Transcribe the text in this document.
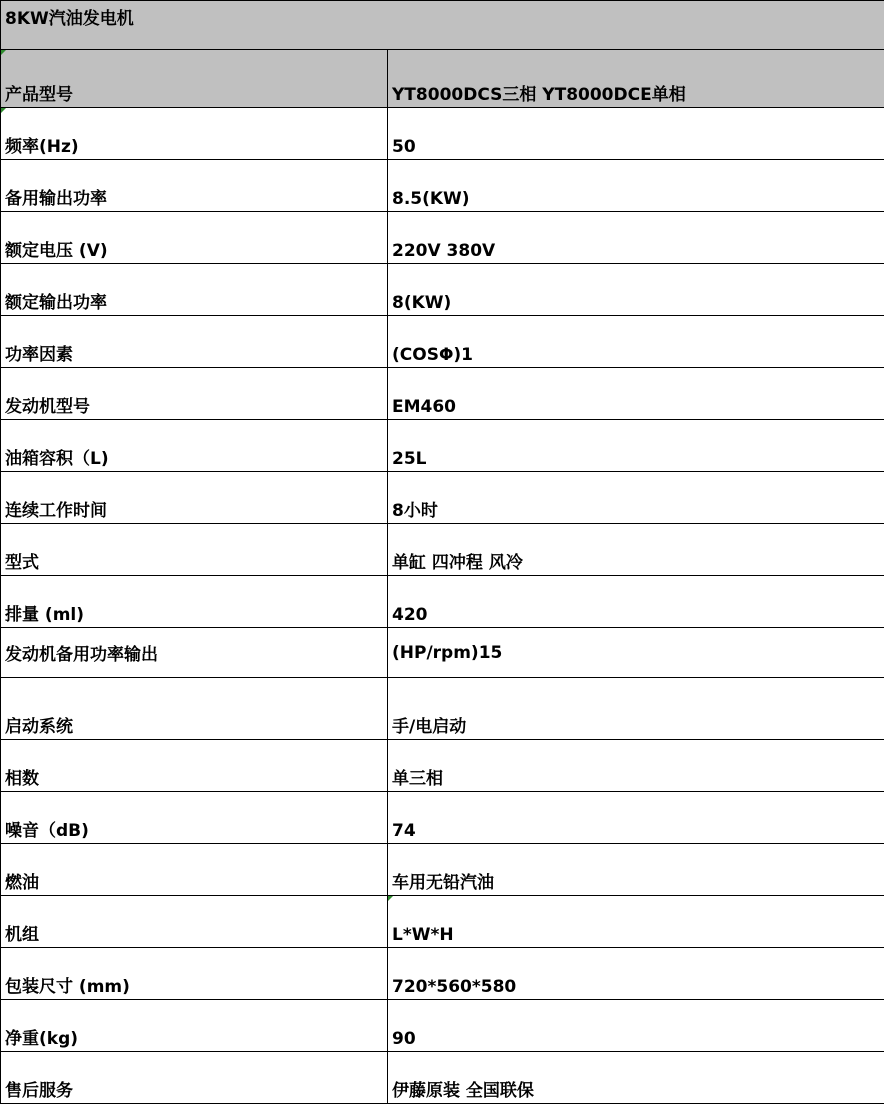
8KW汽油发电机	

产品型号	YT8000DCS三相 YT8000DCE单相

频率(Hz)	50
备用输出功率	8.5(KW)
额定电压 (V)	220V 380V
额定输出功率	8(KW)
功率因素	(COSΦ)1
发动机型号	EM460
油箱容积（L)	25L
连续工作时间	8小时
型式	单缸 四冲程 风冷
排量 (ml)	420
发动机备用功率输出	(HP/rpm)15
启动系统	手/电启动
相数	单三相
噪音（dB)	74
燃油	车用无铅汽油
机组	L*W*H
包装尺寸 (mm)	720*560*580
净重(kg)	90
售后服务	伊藤原装 全国联保
